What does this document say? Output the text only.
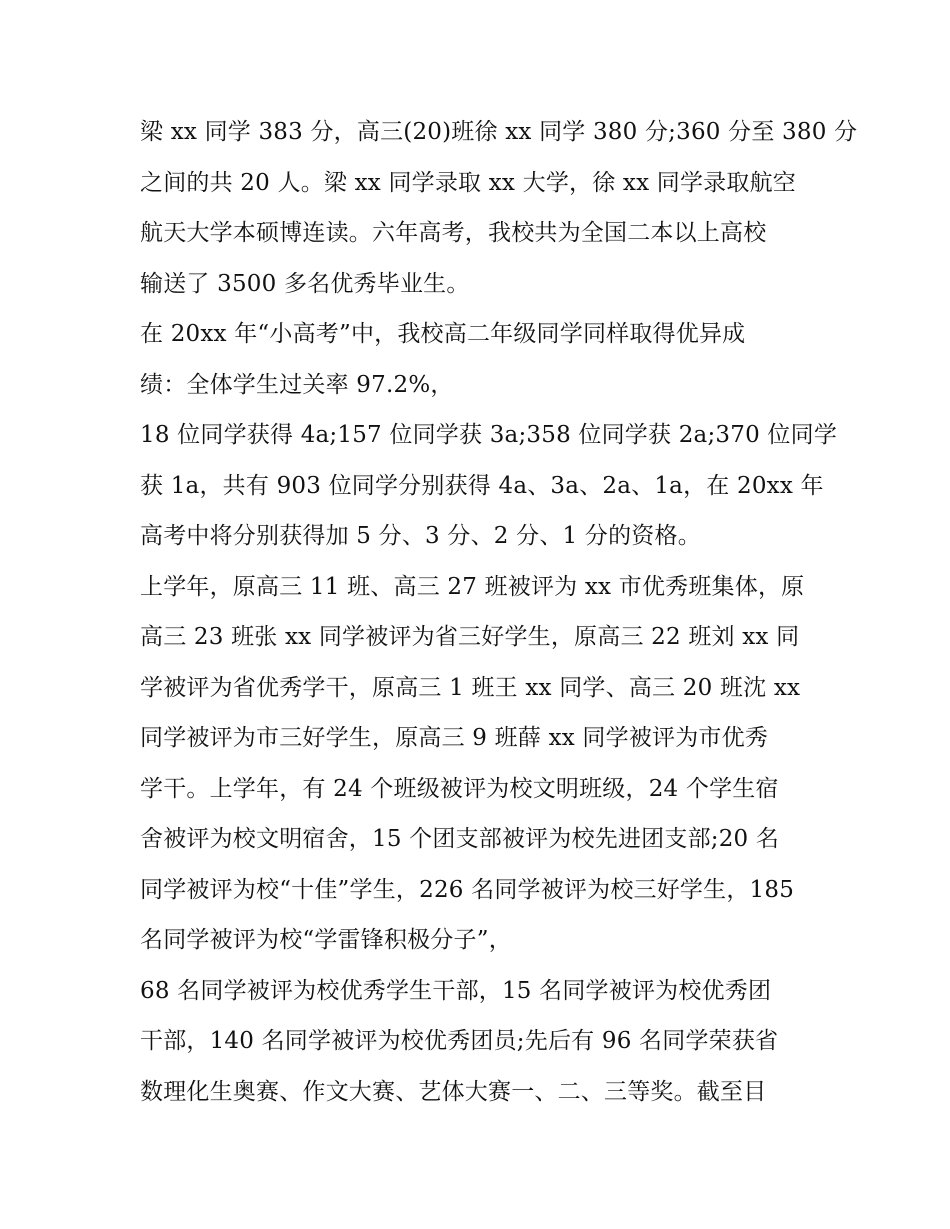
梁 xx 同学 383 分，高三(20)班徐 xx 同学 380 分;360 分至 380 分
之间的共 20 人。梁 xx 同学录取 xx 大学，徐 xx 同学录取航空
航天大学本硕博连读。六年高考，我校共为全国二本以上高校
输送了 3500 多名优秀毕业生。
在 20xx 年“小高考”中，我校高二年级同学同样取得优异成
绩：全体学生过关率 97.2%，
18 位同学获得 4a;157 位同学获 3a;358 位同学获 2a;370 位同学
获 1a，共有 903 位同学分别获得 4a、3a、2a、1a，在 20xx 年
高考中将分别获得加 5 分、3 分、2 分、1 分的资格。
上学年，原高三 11 班、高三 27 班被评为 xx 市优秀班集体，原
高三 23 班张 xx 同学被评为省三好学生，原高三 22 班刘 xx 同
学被评为省优秀学干，原高三 1 班王 xx 同学、高三 20 班沈 xx
同学被评为市三好学生，原高三 9 班薛 xx 同学被评为市优秀
学干。上学年，有 24 个班级被评为校文明班级，24 个学生宿
舍被评为校文明宿舍，15 个团支部被评为校先进团支部;20 名
同学被评为校“十佳”学生，226 名同学被评为校三好学生，185
名同学被评为校“学雷锋积极分子”，
68 名同学被评为校优秀学生干部，15 名同学被评为校优秀团
干部，140 名同学被评为校优秀团员;先后有 96 名同学荣获省
数理化生奥赛、作文大赛、艺体大赛一、二、三等奖。截至目
